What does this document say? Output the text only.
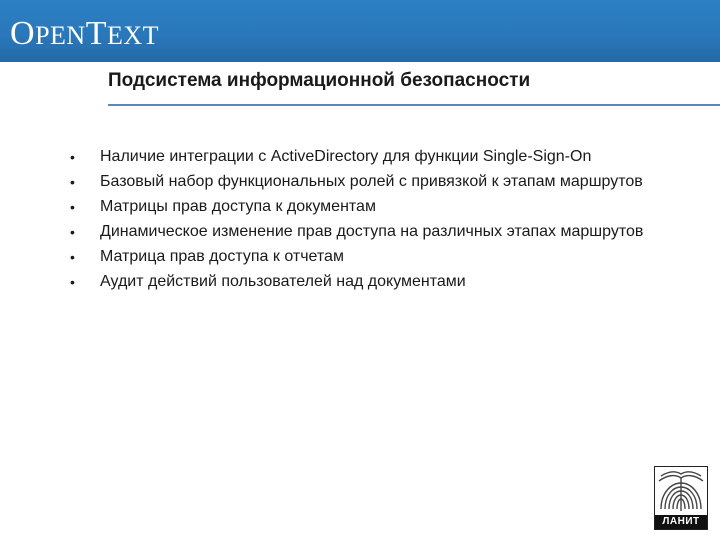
OPENTEXT
Подсистема информационной безопасности
• Наличие интеграции с ActiveDirectory для функции Single-Sign-On
• Базовый набор функциональных ролей с привязкой к этапам маршрутов
• Матрицы прав доступа к документам
• Динамическое изменение прав доступа на различных этапах маршрутов
• Матрица прав доступа к отчетам
• Аудит действий пользователей над документами
ЛАНИТ
